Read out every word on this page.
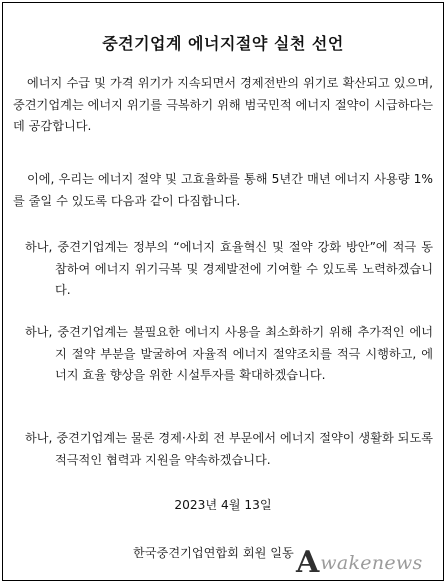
중견기업계 에너지절약 실천 선언
에너지 수급 및 가격 위기가 지속되면서 경제전반의 위기로 확산되고 있으며, 중견기업계는 에너지 위기를 극복하기 위해 범국민적 에너지 절약이 시급하다는 데 공감합니다.
이에, 우리는 에너지 절약 및 고효율화를 통해 5년간 매년 에너지 사용량 1%를 줄일 수 있도록 다음과 같이 다짐합니다.
하나, 중견기업계는 정부의 “에너지 효율혁신 및 절약 강화 방안”에 적극 동참하여 에너지 위기극복 및 경제발전에 기여할 수 있도록 노력하겠습니다.
하나, 중견기업계는 불필요한 에너지 사용을 최소화하기 위해 추가적인 에너지 절약 부분을 발굴하여 자율적 에너지 절약조치를 적극 시행하고, 에너지 효율 향상을 위한 시설투자를 확대하겠습니다.
하나, 중견기업계는 물론 경제·사회 전 부문에서 에너지 절약이 생활화 되도록 적극적인 협력과 지원을 약속하겠습니다.
2023년 4월 13일
한국중견기업연합회 회원 일동 A wakenews
